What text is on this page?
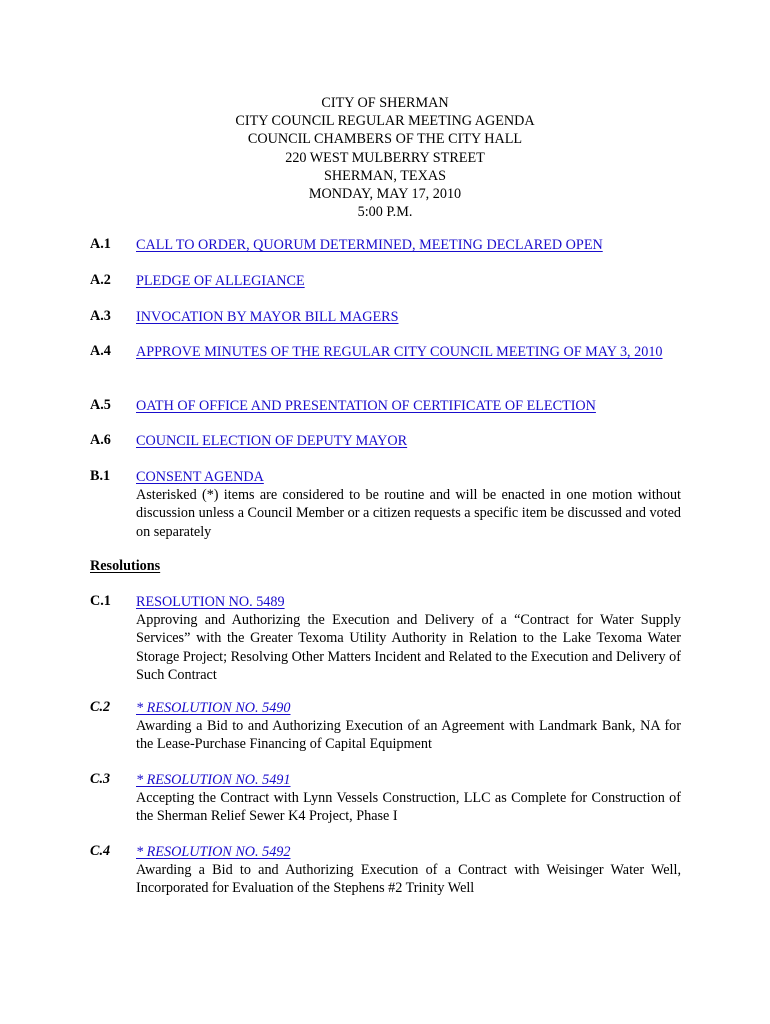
CITY OF SHERMAN
CITY COUNCIL REGULAR MEETING AGENDA
COUNCIL CHAMBERS OF THE CITY HALL
220 WEST MULBERRY STREET
SHERMAN, TEXAS
MONDAY, MAY 17, 2010
5:00 P.M.
A.1 CALL TO ORDER, QUORUM DETERMINED, MEETING DECLARED OPEN
A.2 PLEDGE OF ALLEGIANCE
A.3 INVOCATION BY MAYOR BILL MAGERS
A.4 APPROVE MINUTES OF THE REGULAR CITY COUNCIL MEETING OF MAY 3, 2010
A.5 OATH OF OFFICE AND PRESENTATION OF CERTIFICATE OF ELECTION
A.6 COUNCIL ELECTION OF DEPUTY MAYOR
B.1 CONSENT AGENDA
Asterisked (*) items are considered to be routine and will be enacted in one motion without discussion unless a Council Member or a citizen requests a specific item be discussed and voted on separately
Resolutions
C.1 RESOLUTION NO. 5489
Approving and Authorizing the Execution and Delivery of a “Contract for Water Supply Services” with the Greater Texoma Utility Authority in Relation to the Lake Texoma Water Storage Project; Resolving Other Matters Incident and Related to the Execution and Delivery of Such Contract
C.2 * RESOLUTION NO. 5490
Awarding a Bid to and Authorizing Execution of an Agreement with Landmark Bank, NA for the Lease-Purchase Financing of Capital Equipment
C.3 * RESOLUTION NO. 5491
Accepting the Contract with Lynn Vessels Construction, LLC as Complete for Construction of the Sherman Relief Sewer K4 Project, Phase I
C.4 * RESOLUTION NO. 5492
Awarding a Bid to and Authorizing Execution of a Contract with Weisinger Water Well, Incorporated for Evaluation of the Stephens #2 Trinity Well
